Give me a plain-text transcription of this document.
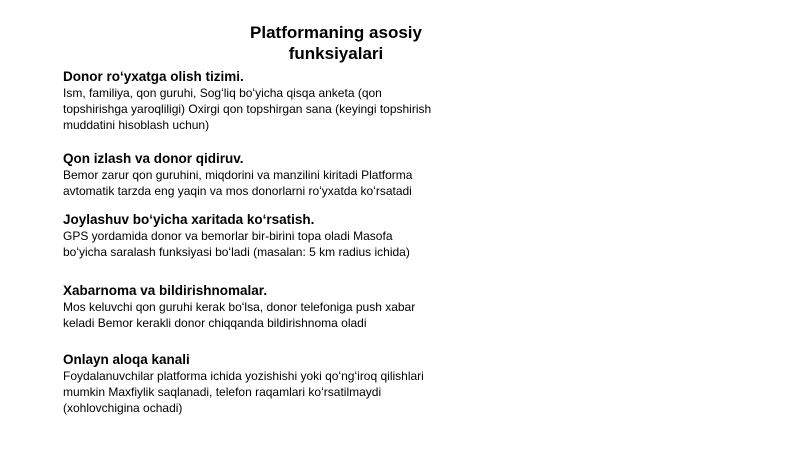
Platformaning asosiy
funksiyalari
Donor roʻyxatga olish tizimi.
Ism, familiya, qon guruhi, Sogʻliq boʻyicha qisqa anketa (qon
topshirishga yaroqliligi) Oxirgi qon topshirgan sana (keyingi topshirish
muddatini hisoblash uchun)
Qon izlash va donor qidiruv.
Bemor zarur qon guruhini, miqdorini va manzilini kiritadi Platforma
avtomatik tarzda eng yaqin va mos donorlarni roʻyxatda koʻrsatadi
Joylashuv boʻyicha xaritada koʻrsatish.
GPS yordamida donor va bemorlar bir-birini topa oladi Masofa
boʻyicha saralash funksiyasi boʻladi (masalan: 5 km radius ichida)
Xabarnoma va bildirishnomalar.
Mos keluvchi qon guruhi kerak boʻlsa, donor telefoniga push xabar
keladi Bemor kerakli donor chiqqanda bildirishnoma oladi
Onlayn aloqa kanali
Foydalanuvchilar platforma ichida yozishishi yoki qoʻngʻiroq qilishlari
mumkin Maxfiylik saqlanadi, telefon raqamlari koʻrsatilmaydi
(xohlovchigina ochadi)
